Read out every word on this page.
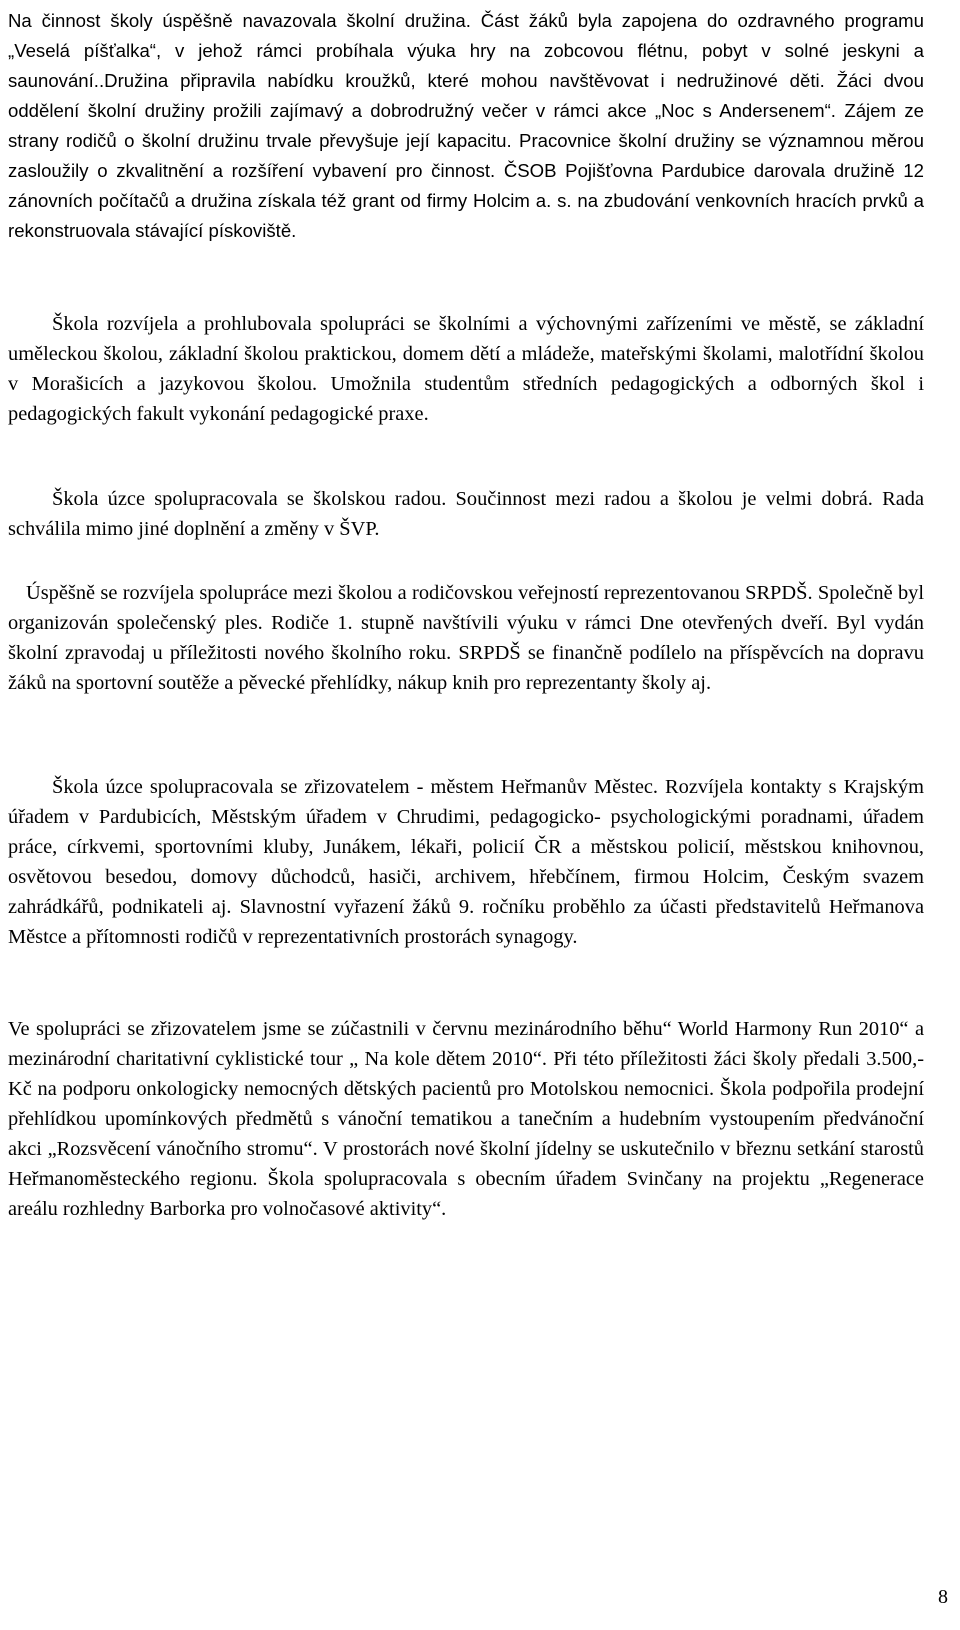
Na činnost školy úspěšně navazovala školní družina. Část žáků byla zapojena do ozdravného programu „Veselá píšťalka“, v jehož rámci probíhala výuka hry na zobcovou flétnu, pobyt v solné jeskyni a saunování..Družina připravila nabídku kroužků, které mohou navštěvovat i nedružinové děti. Žáci dvou oddělení školní družiny prožili zajímavý a dobrodružný večer v rámci akce „Noc s Andersenem“. Zájem ze strany rodičů o školní družinu trvale převyšuje její kapacitu. Pracovnice školní družiny se významnou měrou zasloužily o zkvalitnění a rozšíření vybavení pro činnost. ČSOB Pojišťovna Pardubice darovala družině 12 zánovních počítačů a družina získala též grant od firmy Holcim a. s. na zbudování venkovních hracích prvků a rekonstruovala stávající pískoviště.

Škola rozvíjela a prohlubovala spolupráci se školními a výchovnými zařízeními ve městě, se základní uměleckou školou, základní školou praktickou, domem dětí a mládeže, mateřskými školami, malotřídní školou v Morašicích a jazykovou školou. Umožnila studentům středních pedagogických a odborných škol i pedagogických fakult vykonání pedagogické praxe.

Škola úzce spolupracovala se školskou radou. Součinnost mezi radou a školou je velmi dobrá. Rada schválila mimo jiné doplnění a změny v ŠVP.

Úspěšně se rozvíjela spolupráce mezi školou a rodičovskou veřejností reprezentovanou SRPDŠ. Společně byl organizován společenský ples. Rodiče 1. stupně navštívili výuku v rámci Dne otevřených dveří. Byl vydán školní zpravodaj u příležitosti nového školního roku. SRPDŠ se finančně podílelo na příspěvcích na dopravu žáků na sportovní soutěže a pěvecké přehlídky, nákup knih pro reprezentanty školy aj.

Škola úzce spolupracovala se zřizovatelem - městem Heřmanův Městec. Rozvíjela kontakty s Krajským úřadem v Pardubicích, Městským úřadem v Chrudimi, pedagogicko- psychologickými poradnami, úřadem práce, církvemi, sportovními kluby, Junákem, lékaři, policií ČR a městskou policií, městskou knihovnou, osvětovou besedou, domovy důchodců, hasiči, archivem, hřebčínem, firmou Holcim, Českým svazem zahrádkářů, podnikateli aj. Slavnostní vyřazení žáků 9. ročníku proběhlo za účasti představitelů Heřmanova Městce a přítomnosti rodičů v reprezentativních prostorách synagogy.

Ve spolupráci se zřizovatelem jsme se zúčastnili v červnu mezinárodního běhu“ World Harmony Run 2010“ a mezinárodní charitativní cyklistické tour „ Na kole dětem 2010“. Při této příležitosti žáci školy předali 3.500,- Kč na podporu onkologicky nemocných dětských pacientů pro Motolskou nemocnici. Škola podpořila prodejní přehlídkou upomínkových předmětů s vánoční tematikou a tanečním a hudebním vystoupením předvánoční akci „Rozsvěcení vánočního stromu“. V prostorách nové školní jídelny se uskutečnilo v březnu setkání starostů Heřmanoměsteckého regionu. Škola spolupracovala s obecním úřadem Svinčany na projektu „Regenerace areálu rozhledny Barborka pro volnočasové aktivity“.

8
